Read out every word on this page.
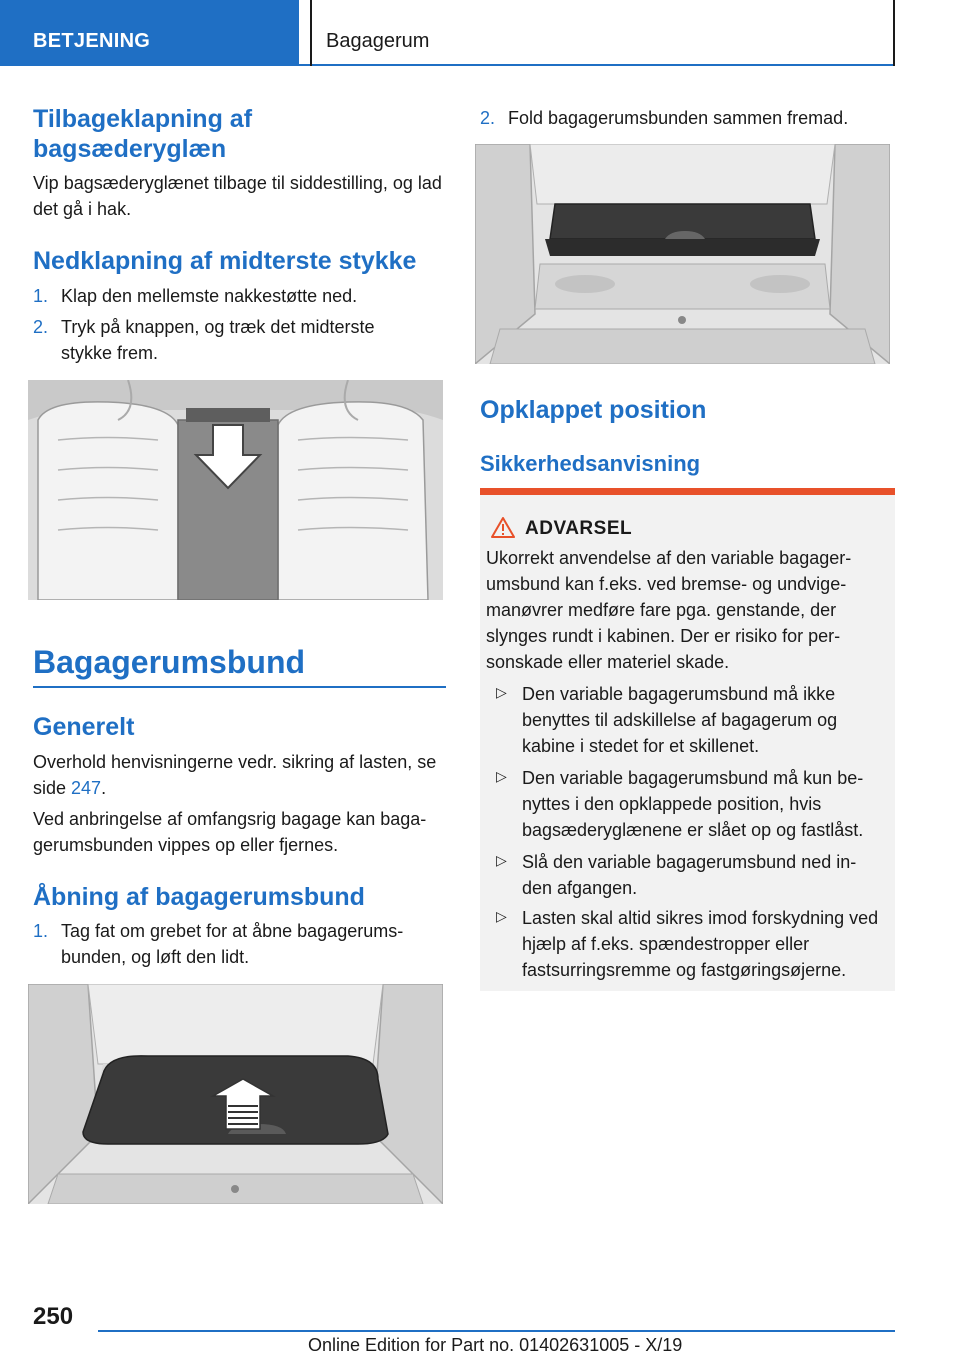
BETJENING	Bagagerum
Tilbageklapning af bagsæderyglæn
Vip bagsæderyglænet tilbage til siddestilling, og lad det gå i hak.
Nedklapning af midterste stykke
1. Klap den mellemste nakkestøtte ned.
2. Tryk på knappen, og træk det midterste stykke frem.
Bagagerumsbund
Generelt
Overhold henvisningerne vedr. sikring af lasten, se side 247.
Ved anbringelse af omfangsrig bagage kan baga‐ gerumsbunden vippes op eller fjernes.
Åbning af bagagerumsbund
1. Tag fat om grebet for at åbne bagagerums‐ bunden, og løft den lidt.
2. Fold bagagerumsbunden sammen fremad.
Opklappet position
Sikkerhedsanvisning
ADVARSEL
Ukorrekt anvendelse af den variable bagager‐ umsbund kan f.eks. ved bremse- og undvige‐ manøvrer medføre fare pga. genstande, der slynges rundt i kabinen. Der er risiko for per‐ sonskade eller materiel skade.
▷ Den variable bagagerumsbund må ikke benyttes til adskillelse af bagagerum og kabine i stedet for et skillenet.
▷ Den variable bagagerumsbund må kun be‐ nyttes i den opklappede position, hvis bagsæderyglænene er slået op og fastlåst.
▷ Slå den variable bagagerumsbund ned in‐ den afgangen.
▷ Lasten skal altid sikres imod forskydning ved hjælp af f.eks. spændestropper eller fastsurringsremme og fastgøringsøjerne.
250
Online Edition for Part no. 01402631005 - X/19
